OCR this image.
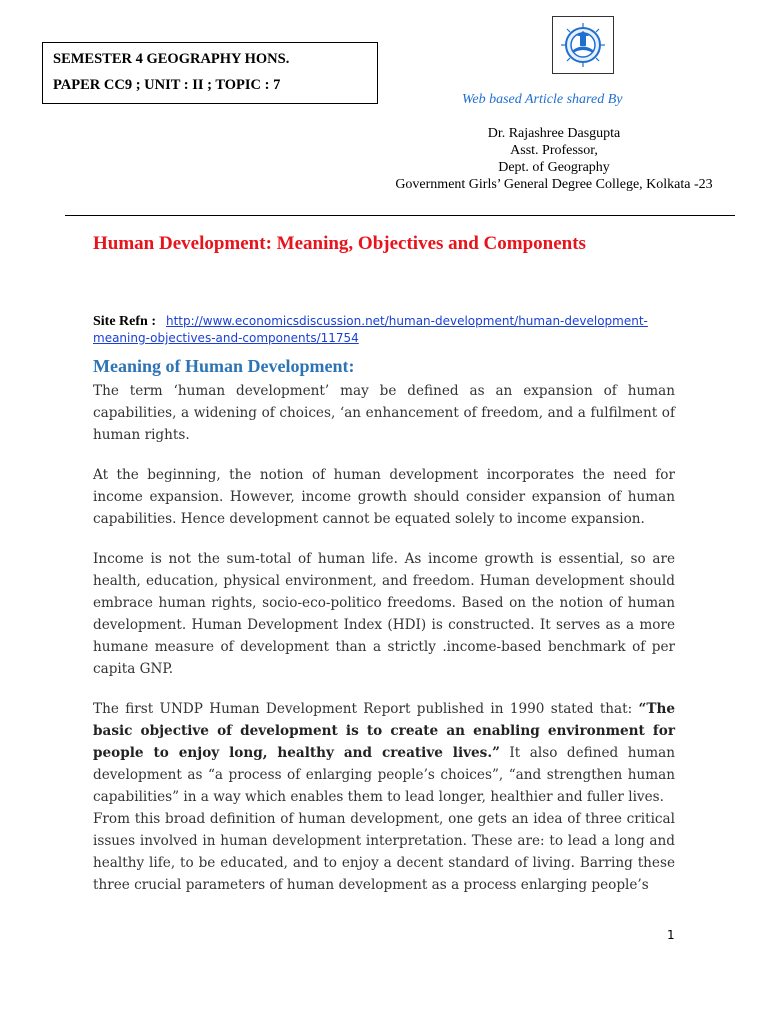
SEMESTER 4 GEOGRAPHY HONS.
PAPER CC9 ; UNIT : II ; TOPIC : 7
Web based Article shared By
Dr. Rajashree Dasgupta
Asst. Professor,
Dept. of Geography
Government Girls’ General Degree College, Kolkata -23
Human Development: Meaning, Objectives and Components
Site Refn : http://www.economicsdiscussion.net/human-development/human-development-meaning-objectives-and-components/11754
Meaning of Human Development:

The term ‘human development’ may be defined as an expansion of human capabilities, a widening of choices, ‘an enhancement of freedom, and a fulfilment of human rights.

At the beginning, the notion of human development incorporates the need for income expansion. However, income growth should consider expansion of human capabilities. Hence development cannot be equated solely to income expansion.

Income is not the sum-total of human life. As income growth is essential, so are health, education, physical environment, and freedom. Human development should embrace human rights, socio-eco-politico freedoms. Based on the notion of human development. Human Development Index (HDI) is constructed. It serves as a more humane measure of development than a strictly .income-based benchmark of per capita GNP.

The first UNDP Human Development Report published in 1990 stated that: “The basic objective of development is to create an enabling environment for people to enjoy long, healthy and creative lives.” It also defined human development as “a process of enlarging people’s choices”, “and strengthen human capabilities” in a way which enables them to lead longer, healthier and fuller lives.

From this broad definition of human development, one gets an idea of three critical issues involved in human development interpretation. These are: to lead a long and healthy life, to be educated, and to enjoy a decent standard of living. Barring these three crucial parameters of human development as a process enlarging people’s

1
